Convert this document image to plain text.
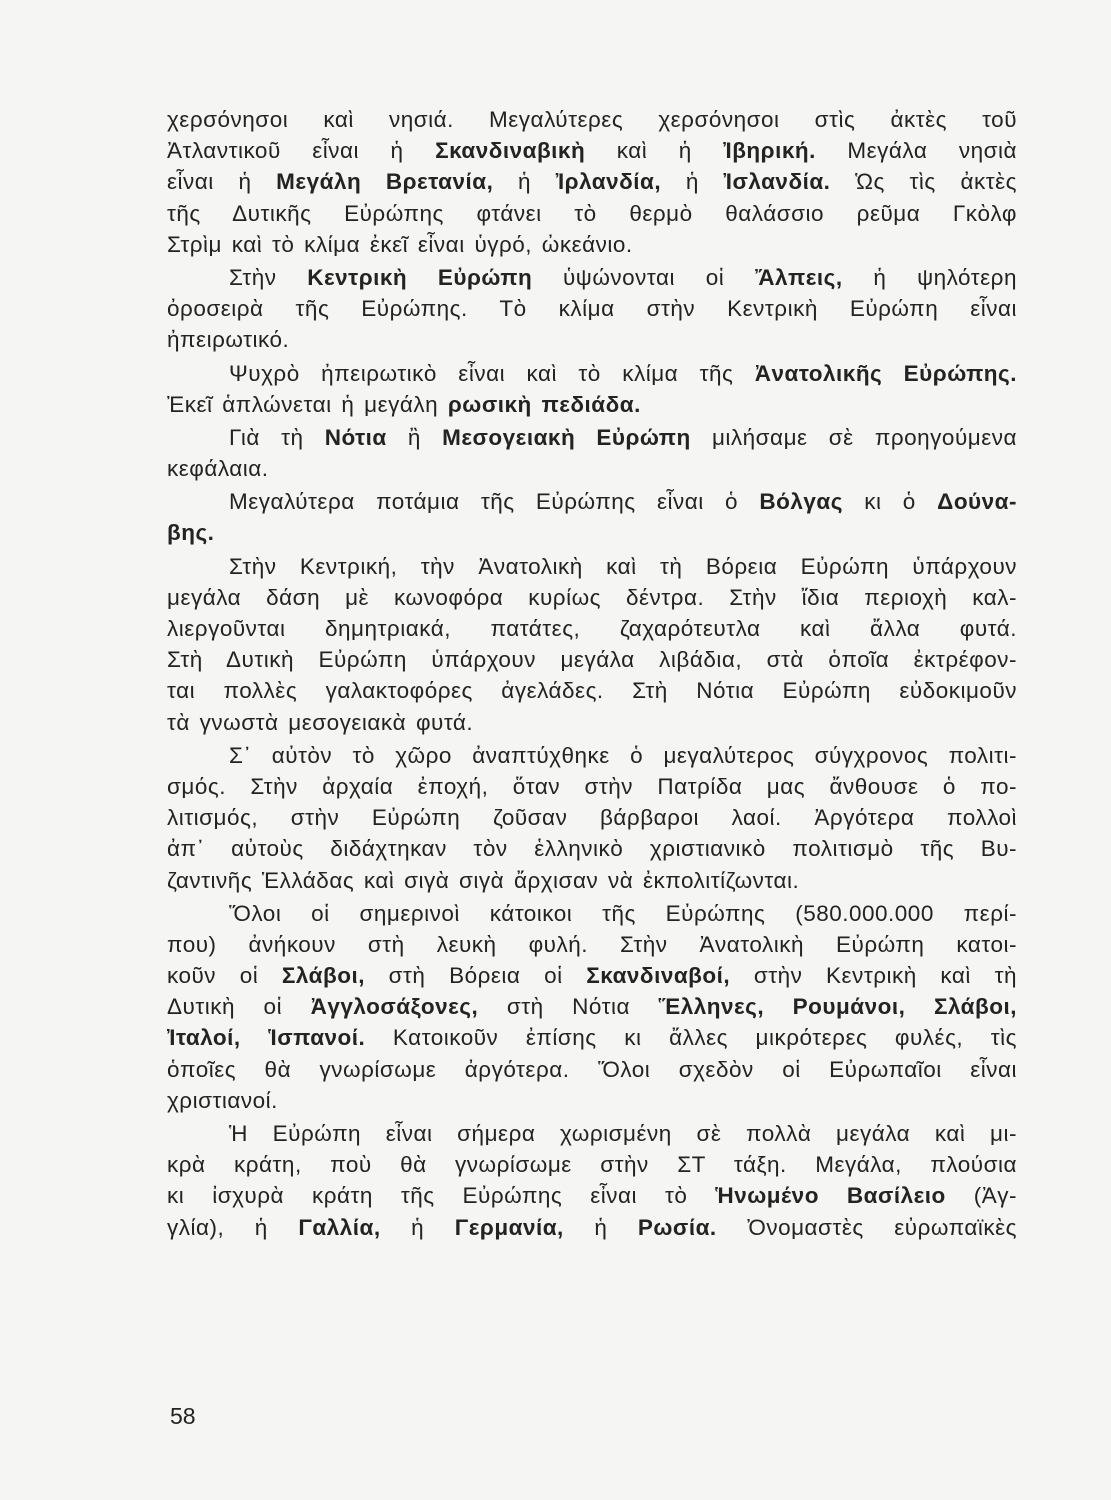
χερσόνησοι καὶ νησιά. Μεγαλύτερες χερσόνησοι στὶς ἀκτὲς τοῦ
Ἀτλαντικοῦ εἶναι ἡ Σκανδιναβικὴ καὶ ἡ Ἰβηρική. Μεγάλα νησιὰ
εἶναι ἡ Μεγάλη Βρετανία, ἡ Ἰρλανδία, ἡ Ἰσλανδία. Ὡς τὶς ἀκτὲς
τῆς Δυτικῆς Εὐρώπης φτάνει τὸ θερμὸ θαλάσσιο ρεῦμα Γκὸλφ
Στρὶμ καὶ τὸ κλίμα ἐκεῖ εἶναι ὑγρό, ὠκεάνιο.
Στὴν Κεντρικὴ Εὐρώπη ὑψώνονται οἱ Ἄλπεις, ἡ ψηλότερη
ὀροσειρὰ τῆς Εὐρώπης. Τὸ κλίμα στὴν Κεντρικὴ Εὐρώπη εἶναι
ἠπειρωτικό.
Ψυχρὸ ἠπειρωτικὸ εἶναι καὶ τὸ κλίμα τῆς Ἀνατολικῆς Εὐρώπης.
Ἐκεῖ ἁπλώνεται ἡ μεγάλη ρωσικὴ πεδιάδα.
Γιὰ τὴ Νότια ἢ Μεσογειακὴ Εὐρώπη μιλήσαμε σὲ προηγούμενα
κεφάλαια.
Μεγαλύτερα ποτάμια τῆς Εὐρώπης εἶναι ὁ Βόλγας κι ὁ Δούνα-
βης.
Στὴν Κεντρική, τὴν Ἀνατολικὴ καὶ τὴ Βόρεια Εὐρώπη ὑπάρχουν
μεγάλα δάση μὲ κωνοφόρα κυρίως δέντρα. Στὴν ἴδια περιοχὴ καλ-
λιεργοῦνται δημητριακά, πατάτες, ζαχαρότευτλα καὶ ἄλλα φυτά.
Στὴ Δυτικὴ Εὐρώπη ὑπάρχουν μεγάλα λιβάδια, στὰ ὁποῖα ἐκτρέφον-
ται πολλὲς γαλακτοφόρες ἀγελάδες. Στὴ Νότια Εὐρώπη εὐδοκιμοῦν
τὰ γνωστὰ μεσογειακὰ φυτά.
Σ᾿ αὐτὸν τὸ χῶρο ἀναπτύχθηκε ὁ μεγαλύτερος σύγχρονος πολιτι-
σμός. Στὴν ἀρχαία ἐποχή, ὅταν στὴν Πατρίδα μας ἄνθουσε ὁ πο-
λιτισμός, στὴν Εὐρώπη ζοῦσαν βάρβαροι λαοί. Ἀργότερα πολλοὶ
ἀπ᾿ αὐτοὺς διδάχτηκαν τὸν ἑλληνικὸ χριστιανικὸ πολιτισμὸ τῆς Βυ-
ζαντινῆς Ἑλλάδας καὶ σιγὰ σιγὰ ἄρχισαν νὰ ἐκπολιτίζωνται.
Ὅλοι οἱ σημερινοὶ κάτοικοι τῆς Εὐρώπης (580.000.000 περί-
που) ἀνήκουν στὴ λευκὴ φυλή. Στὴν Ἀνατολικὴ Εὐρώπη κατοι-
κοῦν οἱ Σλάβοι, στὴ Βόρεια οἱ Σκανδιναβοί, στὴν Κεντρικὴ καὶ τὴ
Δυτικὴ οἱ Ἀγγλοσάξονες, στὴ Νότια Ἕλληνες, Ρουμάνοι, Σλάβοι,
Ἰταλοί, Ἱσπανοί. Κατοικοῦν ἐπίσης κι ἄλλες μικρότερες φυλές, τὶς
ὁποῖες θὰ γνωρίσωμε ἀργότερα. Ὅλοι σχεδὸν οἱ Εὐρωπαῖοι εἶναι
χριστιανοί.
Ἡ Εὐρώπη εἶναι σήμερα χωρισμένη σὲ πολλὰ μεγάλα καὶ μι-
κρὰ κράτη, ποὺ θὰ γνωρίσωμε στὴν ΣΤ τάξη. Μεγάλα, πλούσια
κι ἰσχυρὰ κράτη τῆς Εὐρώπης εἶναι τὸ Ἡνωμένο Βασίλειο (Ἀγ-
γλία), ἡ Γαλλία, ἡ Γερμανία, ἡ Ρωσία. Ὀνομαστὲς εὐρωπαϊκὲς
58
